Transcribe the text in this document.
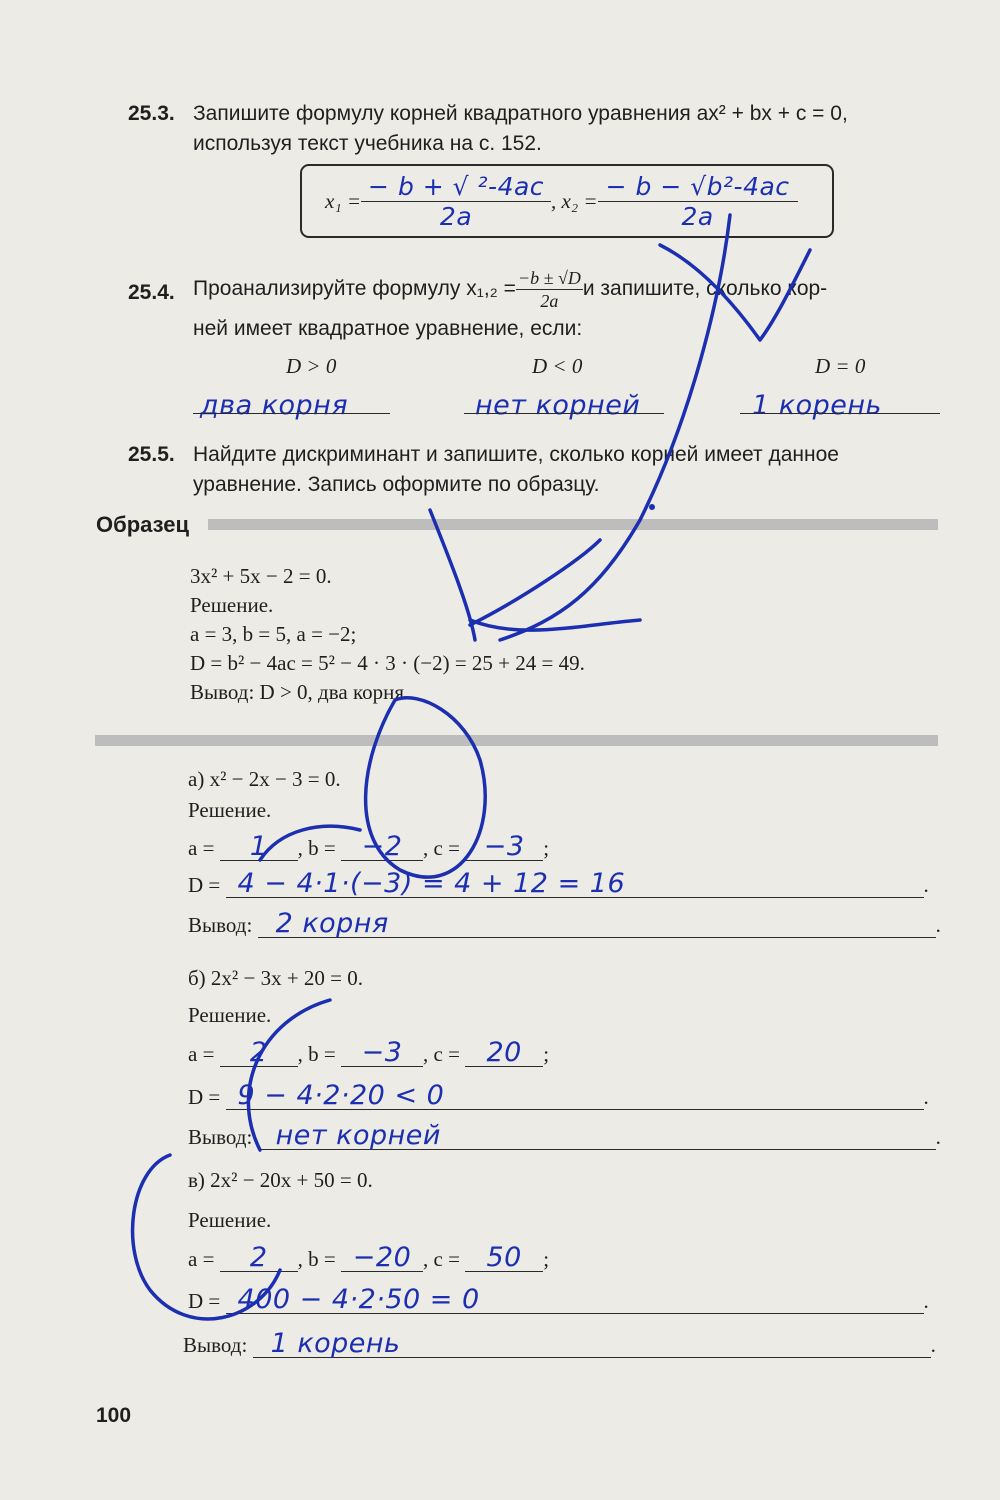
25.3. Запишите формулу корней квадратного уравнения ax² + bx + c = 0,
используя текст учебника на с. 152.
$x_1 = \frac{\text{− b + √ ²-4ac}}{2a}$ , $x_2 = \frac{\text{− b − √b²-4ac}}{2a}$
25.4. Проанализируйте формулу $x_1,_2 = \frac{-b \pm √D}{2a}$ и запишите, сколько кор-
ней имеет квадратное уравнение, если:
D > 0	D < 0	D = 0
два корня	нет корней	1 корень
25.5. Найдите дискриминант и запишите, сколько корней имеет данное
уравнение. Запись оформите по образцу.
Образец
3x² + 5x − 2 = 0.
Решение.
a = 3, b = 5, a = −2;
D = b² − 4ac = 5² − 4 · 3 · (−2) = 25 + 24 = 49.
Вывод: D > 0, два корня.
а) x² − 2x − 3 = 0.
Решение.
a = 1 , b = −2 , c = −3 ;
D = 4 − 4·1·(−3) = 4 + 12 = 16	.
Вывод: 2 корня	.
б) 2x² − 3x + 20 = 0.
Решение.
a = 2 , b = −3 , c = 20 ;
D = 9 − 4·2·20 < 0	.
Вывод: нет корней	.
в) 2x² − 20x + 50 = 0.
Решение.
a = 2 , b = −20 , c = 50 ;
D = 400 − 4·2·50 = 0	.
Вывод: 1 корень	.
100
